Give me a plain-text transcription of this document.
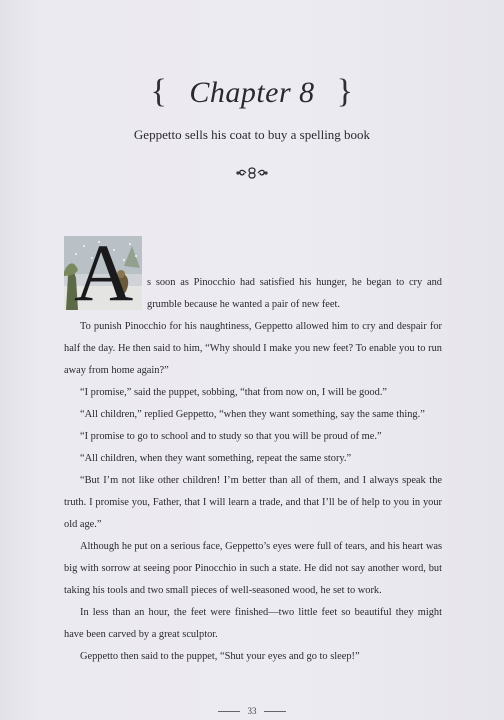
{ Chapter 8 }
Geppetto sells his coat to buy a spelling book
A	s soon as Pinocchio had satisfied his hunger, he began to cry and grumble because he wanted a pair of new feet.

To punish Pinocchio for his naughtiness, Geppetto allowed him to cry and despair for half the day. He then said to him, “Why should I make you new feet? To enable you to run away from home again?”

“I promise,” said the puppet, sobbing, “that from now on, I will be good.”

“All children,” replied Geppetto, “when they want something, say the same thing.”

“I promise to go to school and to study so that you will be proud of me.”

“All children, when they want something, repeat the same story.”

“But I’m not like other children! I’m better than all of them, and I always speak the truth. I promise you, Father, that I will learn a trade, and that I’ll be of help to you in your old age.”

Although he put on a serious face, Geppetto’s eyes were full of tears, and his heart was big with sorrow at seeing poor Pinocchio in such a state. He did not say another word, but taking his tools and two small pieces of well-seasoned wood, he set to work.

In less than an hour, the feet were finished—two little feet so beautiful they might have been carved by a great sculptor.

Geppetto then said to the puppet, “Shut your eyes and go to sleep!”

33
